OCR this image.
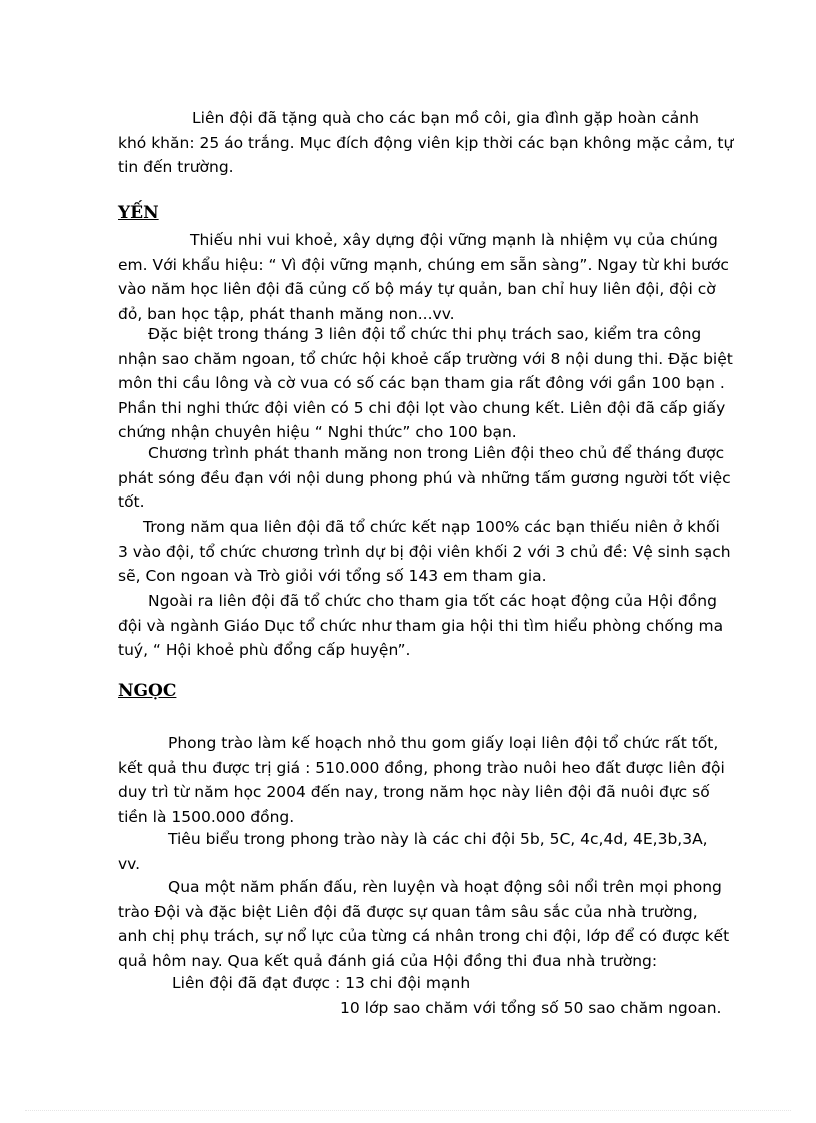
Liên đội đã tặng quà cho các bạn mồ côi, gia đình gặp hoàn cảnh
khó khăn: 25 áo trắng. Mục đích động viên kịp thời các bạn không mặc cảm, tự
tin đến trường.

YẾN

Thiếu nhi vui khoẻ, xây dựng đội vững mạnh là nhiệm vụ của chúng
em. Với khẩu hiệu: “ Vì đội vững mạnh, chúng em sẵn sàng”. Ngay từ khi bước
vào năm học liên đội đã củng cố bộ máy tự quản, ban chỉ huy liên đội, đội cờ
đỏ, ban học tập, phát thanh măng non...vv.

Đặc biệt trong tháng 3 liên đội tổ chức thi phụ trách sao, kiểm tra công
nhận sao chăm ngoan, tổ chức hội khoẻ cấp trường với 8 nội dung thi. Đặc biệt
môn thi cầu lông và cờ vua có số các bạn tham gia rất đông với gần 100 bạn .
Phần thi nghi thức đội viên có 5 chi đội lọt vào chung kết. Liên đội đã cấp giấy
chứng nhận chuyên hiệu “ Nghi thức” cho 100 bạn.

Chương trình phát thanh măng non trong Liên đội theo chủ để tháng được
phát sóng đều đạn với nội dung phong phú và những tấm gương người tốt việc
tốt.

Trong năm qua liên đội đã tổ chức kết nạp 100% các bạn thiếu niên ở khối
3 vào đội, tổ chức chương trình dự bị đội viên khối 2 với 3 chủ đề: Vệ sinh sạch
sẽ, Con ngoan và Trò giỏi với tổng số 143 em tham gia.

Ngoài ra liên đội đã tổ chức cho tham gia tốt các hoạt động của Hội đồng
đội và ngành Giáo Dục tổ chức như tham gia hội thi tìm hiểu phòng chống ma
tuý, “ Hội khoẻ phù đổng cấp huyện”.

NGỌC

Phong trào làm kế hoạch nhỏ thu gom giấy loại liên đội tổ chức rất tốt,
kết quả thu được trị giá : 510.000 đồng, phong trào nuôi heo đất được liên đội
duy trì từ năm học 2004 đến nay, trong năm học này liên đội đã nuôi đực số
tiền là 1500.000 đồng.

Tiêu biểu trong phong trào này là các chi đội 5b, 5C, 4c,4d, 4E,3b,3A,
vv.

Qua một năm phấn đấu, rèn luyện và hoạt động sôi nổi trên mọi phong
trào Đội và đặc biệt Liên đội đã được sự quan tâm sâu sắc của nhà trường,
anh chị phụ trách, sự nổ lực của từng cá nhân trong chi đội, lớp để có được kết
quả hôm nay. Qua kết quả đánh giá của Hội đồng thi đua nhà trường:

Liên đội đã đạt được : 13 chi đội mạnh
10 lớp sao chăm với tổng số 50 sao chăm ngoan.
